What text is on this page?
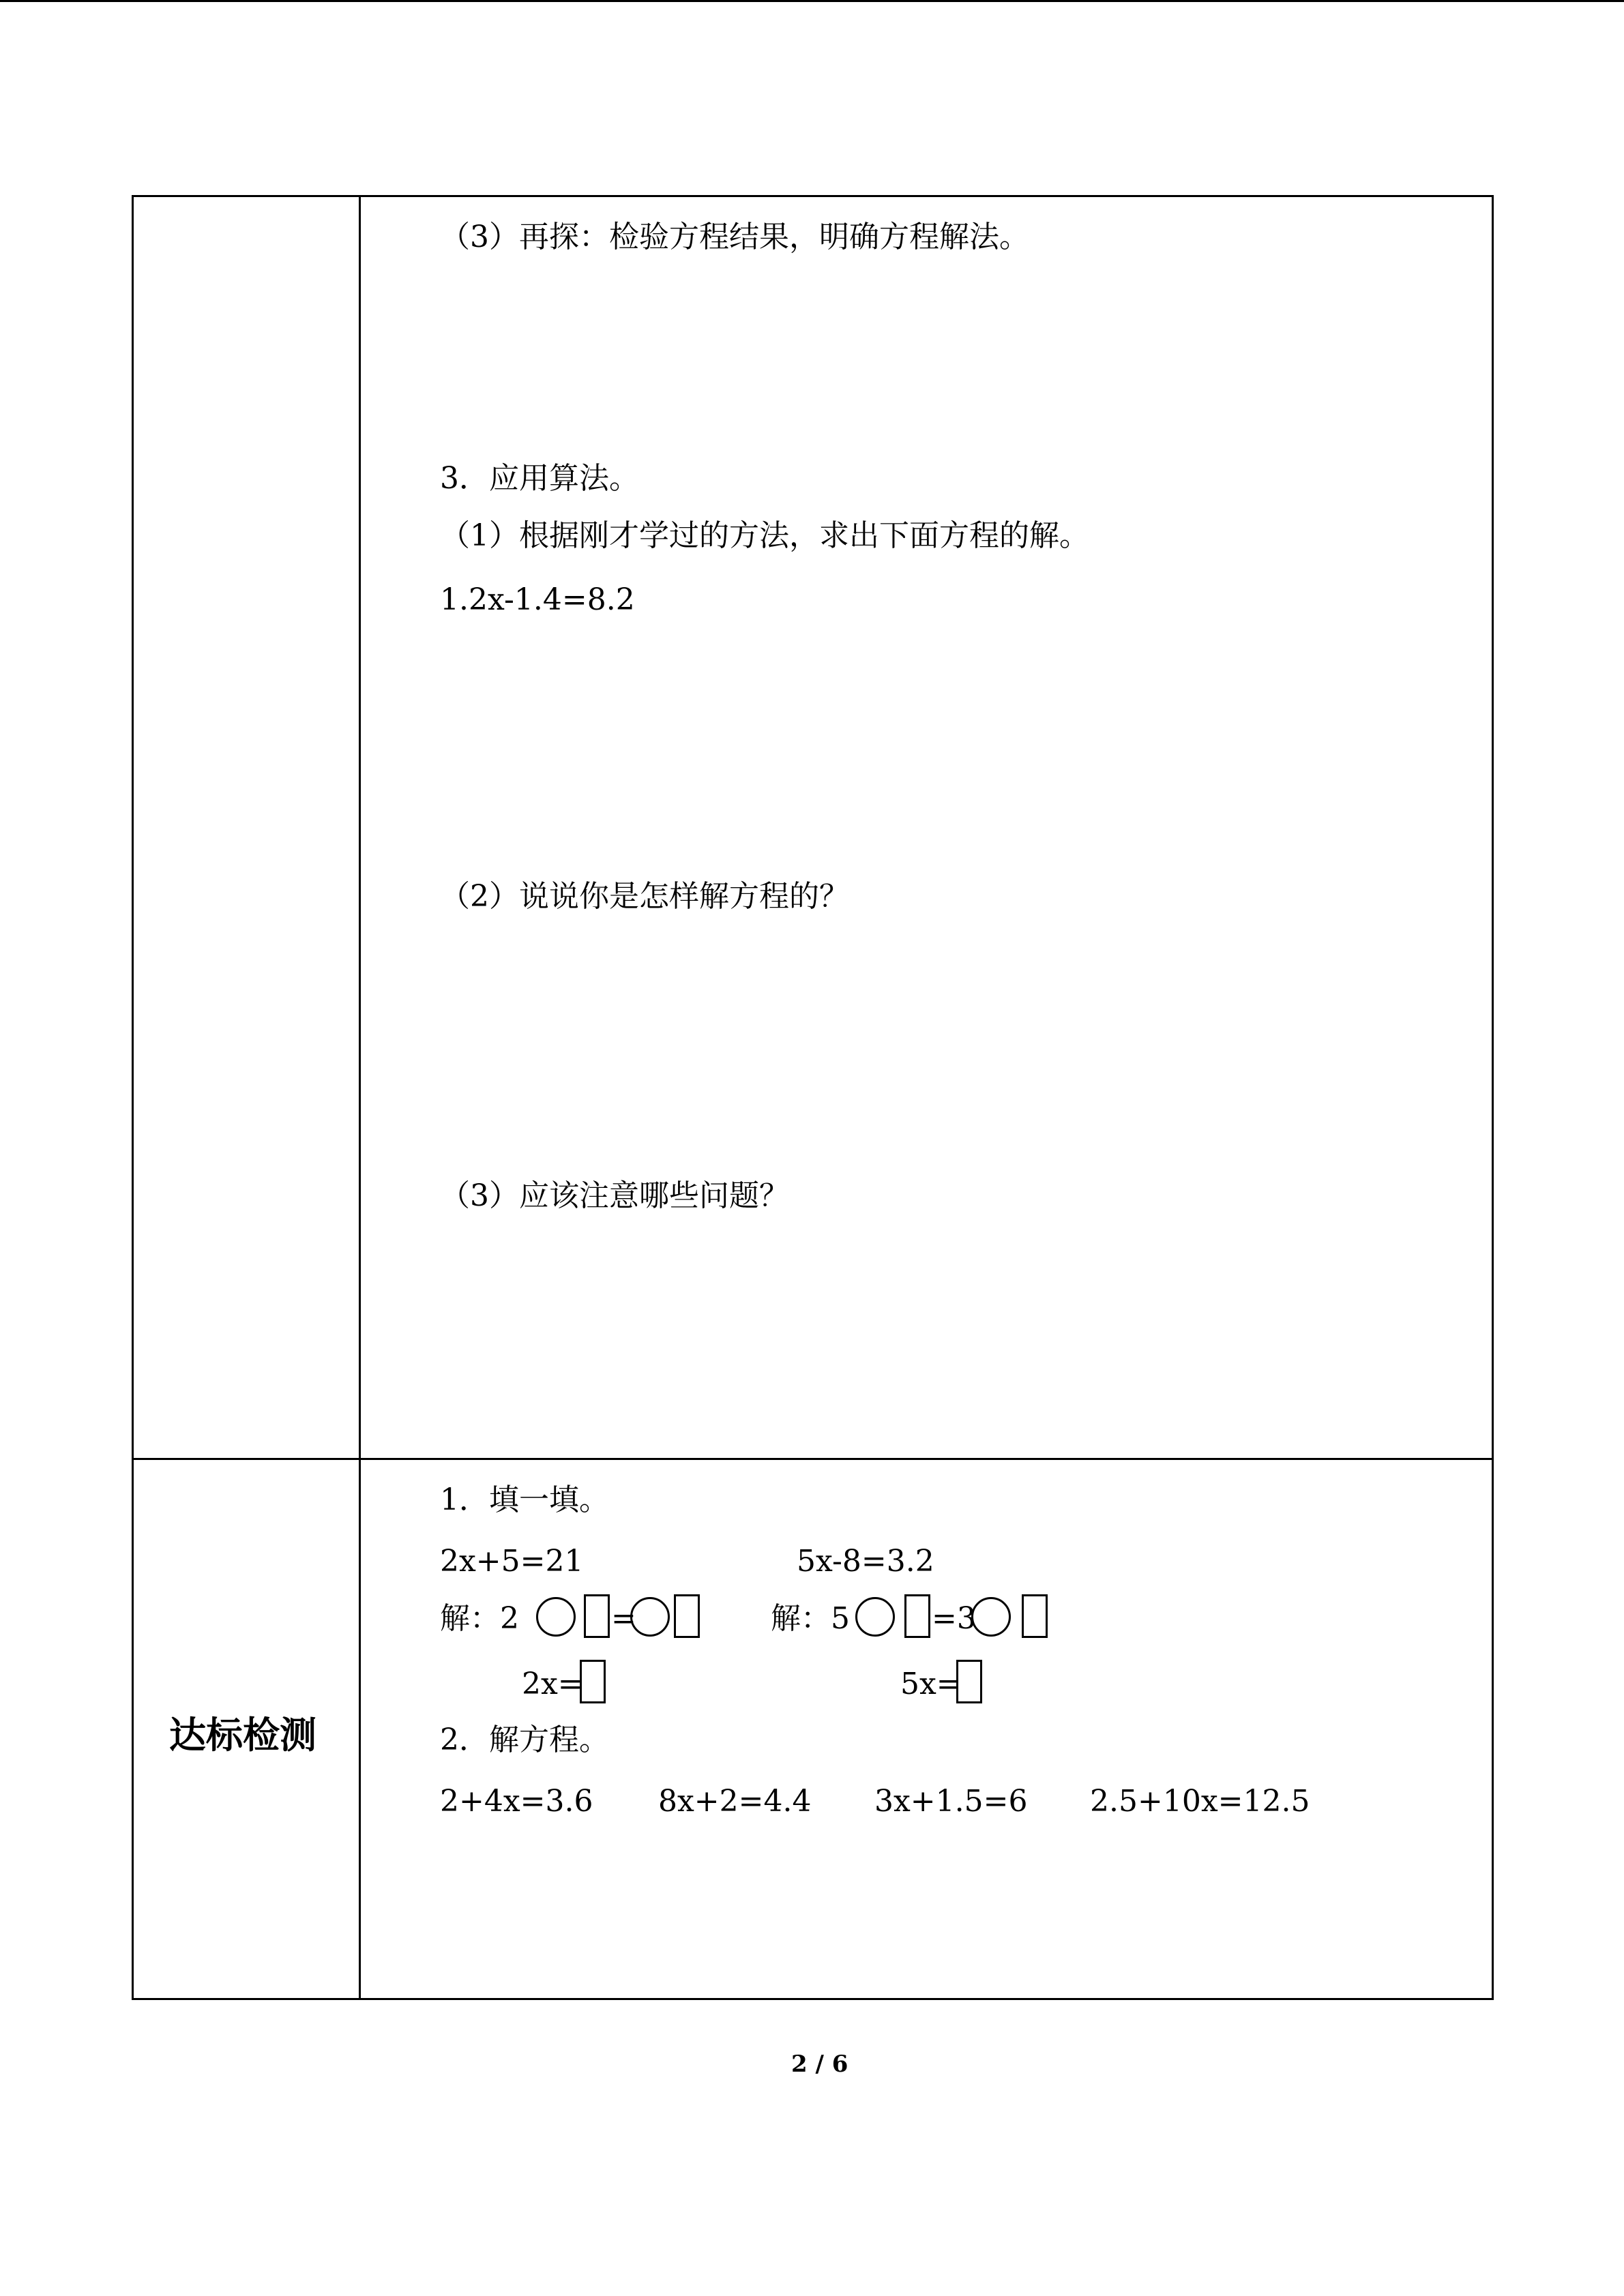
（3）再探：检验方程结果，明确方程解法。
3．应用算法。
（1）根据刚才学过的方法，求出下面方程的解。
1.2x-1.4=8.2
（2）说说你是怎样解方程的？
（3）应该注意哪些问题？
达标检测
1．填一填。
2x+5=21	5x-8=3.2
解：2	=	解：5	=3
2x=	5x=
2．解方程。
2+4x=3.6 8x+2=4.4 3x+1.5=6 2.5+10x=12.5
2 / 6
